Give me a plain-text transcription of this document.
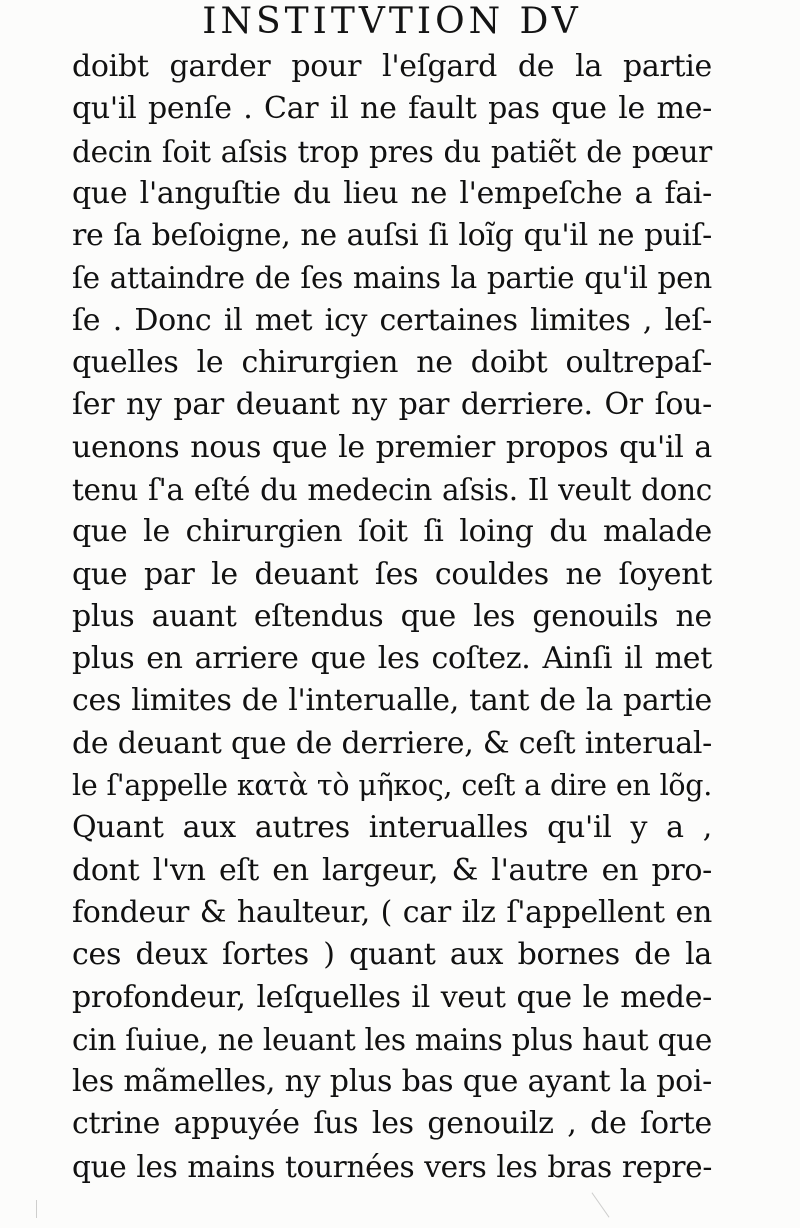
INSTITVTION DV
doibt garder pour l'eſgard de la partie
qu'il penſe . Car il ne fault pas que le me-
decin ſoit aſsis trop pres du patiẽt de pœur
que l'anguſtie du lieu ne l'empeſche a fai-
re ſa beſoigne, ne auſsi ſi loĩg qu'il ne puiſ-
ſe attaindre de ſes mains la partie qu'il pen
ſe . Donc il met icy certaines limites , leſ-
quelles le chirurgien ne doibt oultrepaſ-
ſer ny par deuant ny par derriere. Or ſou-
uenons nous que le premier propos qu'il a
tenu ſ'a eſté du medecin aſsis. Il veult donc
que le chirurgien ſoit ſi loing du malade
que par le deuant ſes couldes ne ſoyent
plus auant eſtendus que les genouils ne
plus en arriere que les coſtez. Ainſi il met
ces limites de l'interualle, tant de la partie
de deuant que de derriere, & ceſt interual-
le ſ'appelle κατὰ τὸ μῆκος, ceſt a dire en lõg.
Quant aux autres interualles qu'il y a ,
dont l'vn eſt en largeur, & l'autre en pro-
fondeur & haulteur, ( car ilz ſ'appellent en
ces deux ſortes ) quant aux bornes de la
profondeur, leſquelles il veut que le mede-
cin ſuiue, ne leuant les mains plus haut que
les mãmelles, ny plus bas que ayant la poi-
ctrine appuyée ſus les genouilz , de ſorte
que les mains tournées vers les bras repre-
